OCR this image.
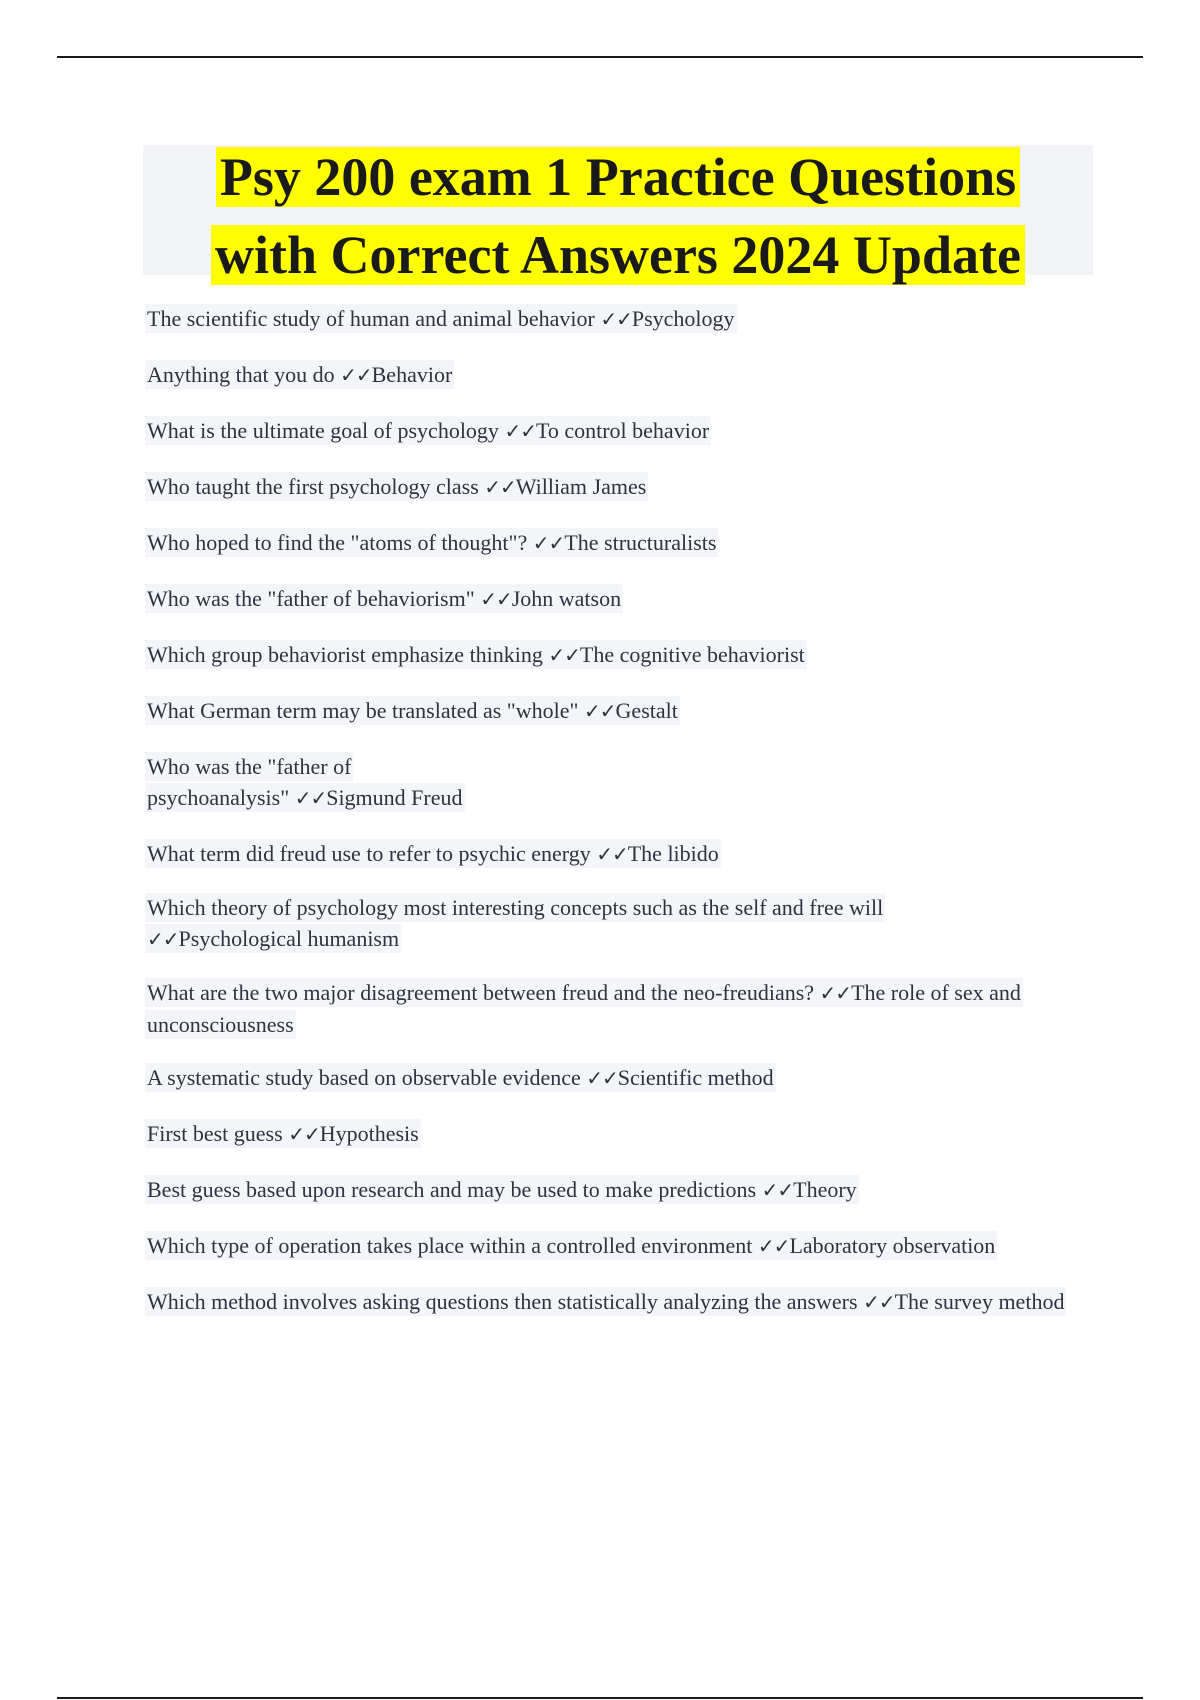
Psy 200 exam 1 Practice Questions
with Correct Answers 2024 Update
The scientific study of human and animal behavior ✓✓Psychology
Anything that you do ✓✓Behavior
What is the ultimate goal of psychology ✓✓To control behavior
Who taught the first psychology class ✓✓William James
Who hoped to find the "atoms of thought"? ✓✓The structuralists
Who was the "father of behaviorism" ✓✓John watson
Which group behaviorist emphasize thinking ✓✓The cognitive behaviorist
What German term may be translated as "whole" ✓✓Gestalt
Who was the "father of psychoanalysis" ✓✓Sigmund Freud
What term did freud use to refer to psychic energy ✓✓The libido
Which theory of psychology most interesting concepts such as the self and free will ✓✓Psychological humanism
What are the two major disagreement between freud and the neo-freudians? ✓✓The role of sex and unconsciousness
A systematic study based on observable evidence ✓✓Scientific method
First best guess ✓✓Hypothesis
Best guess based upon research and may be used to make predictions ✓✓Theory
Which type of operation takes place within a controlled environment ✓✓Laboratory observation
Which method involves asking questions then statistically analyzing the answers ✓✓The survey method
